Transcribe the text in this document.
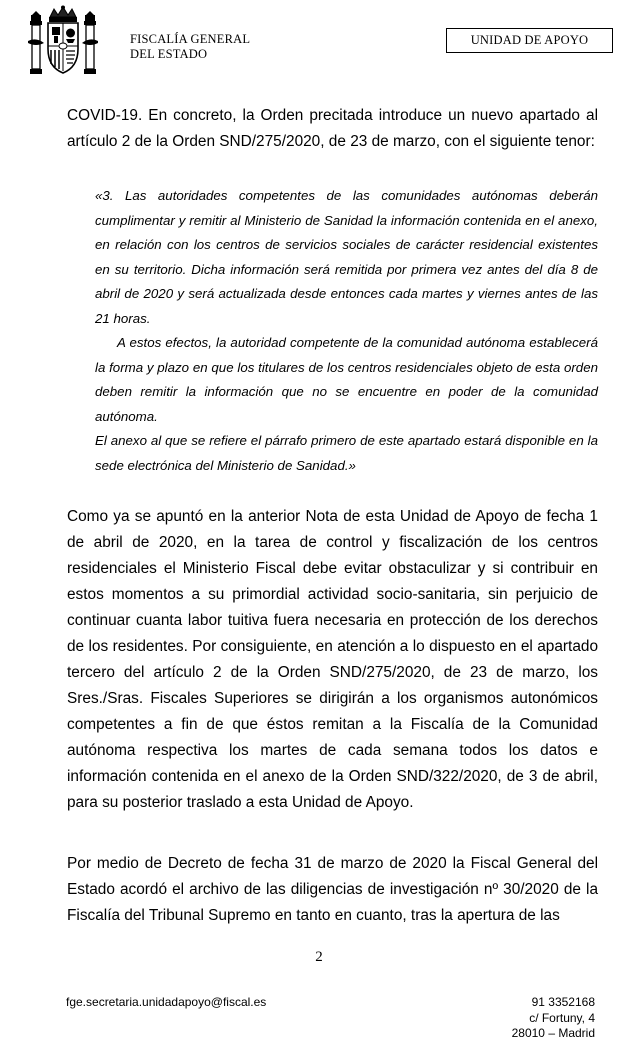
FISCALÍA GENERAL
DEL ESTADO
UNIDAD DE APOYO

COVID-19. En concreto, la Orden precitada introduce un nuevo apartado al artículo 2 de la Orden SND/275/2020, de 23 de marzo, con el siguiente tenor:

«3. Las autoridades competentes de las comunidades autónomas deberán cumplimentar y remitir al Ministerio de Sanidad la información contenida en el anexo, en relación con los centros de servicios sociales de carácter residencial existentes en su territorio. Dicha información será remitida por primera vez antes del día 8 de abril de 2020 y será actualizada desde entonces cada martes y viernes antes de las 21 horas.

A estos efectos, la autoridad competente de la comunidad autónoma establecerá la forma y plazo en que los titulares de los centros residenciales objeto de esta orden deben remitir la información que no se encuentre en poder de la comunidad autónoma.

El anexo al que se refiere el párrafo primero de este apartado estará disponible en la sede electrónica del Ministerio de Sanidad.»

Como ya se apuntó en la anterior Nota de esta Unidad de Apoyo de fecha 1 de abril de 2020, en la tarea de control y fiscalización de los centros residenciales el Ministerio Fiscal debe evitar obstaculizar y si contribuir en estos momentos a su primordial actividad socio-sanitaria, sin perjuicio de continuar cuanta labor tuitiva fuera necesaria en protección de los derechos de los residentes. Por consiguiente, en atención a lo dispuesto en el apartado tercero del artículo 2 de la Orden SND/275/2020, de 23 de marzo, los Sres./Sras. Fiscales Superiores se dirigirán a los organismos autonómicos competentes a fin de que éstos remitan a la Fiscalía de la Comunidad autónoma respectiva los martes de cada semana todos los datos e información contenida en el anexo de la Orden SND/322/2020, de 3 de abril, para su posterior traslado a esta Unidad de Apoyo.

Por medio de Decreto de fecha 31 de marzo de 2020 la Fiscal General del Estado acordó el archivo de las diligencias de investigación nº 30/2020 de la Fiscalía del Tribunal Supremo en tanto en cuanto, tras la apertura de las

2
fge.secretaria.unidadapoyo@fiscal.es	91 3352168
c/ Fortuny, 4
28010 – Madrid
